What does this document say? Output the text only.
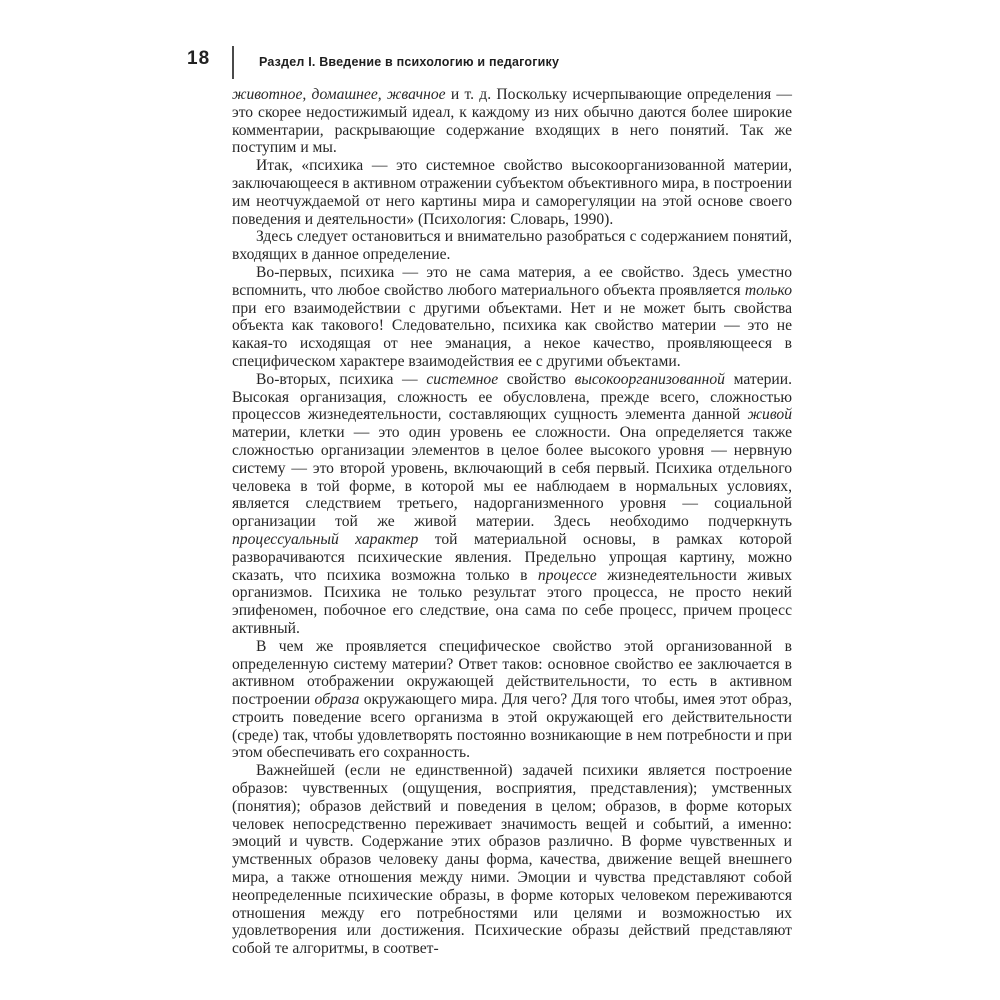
18	Раздел I. Введение в психологию и педагогику

животное, домашнее, жвачное и т. д. Поскольку исчерпывающие определения — это скорее недостижимый идеал, к каждому из них обычно даются более широкие комментарии, раскрывающие содержание входящих в него понятий. Так же поступим и мы.

Итак, «психика — это системное свойство высокоорганизованной материи, заключающееся в активном отражении субъектом объективного мира, в построении им неотчуждаемой от него картины мира и саморегуляции на этой основе своего поведения и деятельности» (Психология: Словарь, 1990).

Здесь следует остановиться и внимательно разобраться с содержанием понятий, входящих в данное определение.

Во-первых, психика — это не сама материя, а ее свойство. Здесь уместно вспомнить, что любое свойство любого материального объекта проявляется только при его взаимодействии с другими объектами. Нет и не может быть свойства объекта как такового! Следовательно, психика как свойство материи — это не какая-то исходящая от нее эманация, а некое качество, проявляющееся в специфическом характере взаимодействия ее с другими объектами.

Во-вторых, психика — системное свойство высокоорганизованной материи. Высокая организация, сложность ее обусловлена, прежде всего, сложностью процессов жизнедеятельности, составляющих сущность элемента данной живой материи, клетки — это один уровень ее сложности. Она определяется также сложностью организации элементов в целое более высокого уровня — нервную систему — это второй уровень, включающий в себя первый. Психика отдельного человека в той форме, в которой мы ее наблюдаем в нормальных условиях, является следствием третьего, надорганизменного уровня — социальной организации той же живой материи. Здесь необходимо подчеркнуть процессуальный характер той материальной основы, в рамках которой разворачиваются психические явления. Предельно упрощая картину, можно сказать, что психика возможна только в процессе жизнедеятельности живых организмов. Психика не только результат этого процесса, не просто некий эпифеномен, побочное его следствие, она сама по себе процесс, причем процесс активный.

В чем же проявляется специфическое свойство этой организованной в определенную систему материи? Ответ таков: основное свойство ее заключается в активном отображении окружающей действительности, то есть в активном построении образа окружающего мира. Для чего? Для того чтобы, имея этот образ, строить поведение всего организма в этой окружающей его действительности (среде) так, чтобы удовлетворять постоянно возникающие в нем потребности и при этом обеспечивать его сохранность.

Важнейшей (если не единственной) задачей психики является построение образов: чувственных (ощущения, восприятия, представления); умственных (понятия); образов действий и поведения в целом; образов, в форме которых человек непосредственно переживает значимость вещей и событий, а именно: эмоций и чувств. Содержание этих образов различно. В форме чувственных и умственных образов человеку даны форма, качества, движение вещей внешнего мира, а также отношения между ними. Эмоции и чувства представляют собой неопределенные психические образы, в форме которых человеком переживаются отношения между его потребностями или целями и возможностью их удовлетворения или достижения. Психические образы действий представляют собой те алгоритмы, в соответ-
